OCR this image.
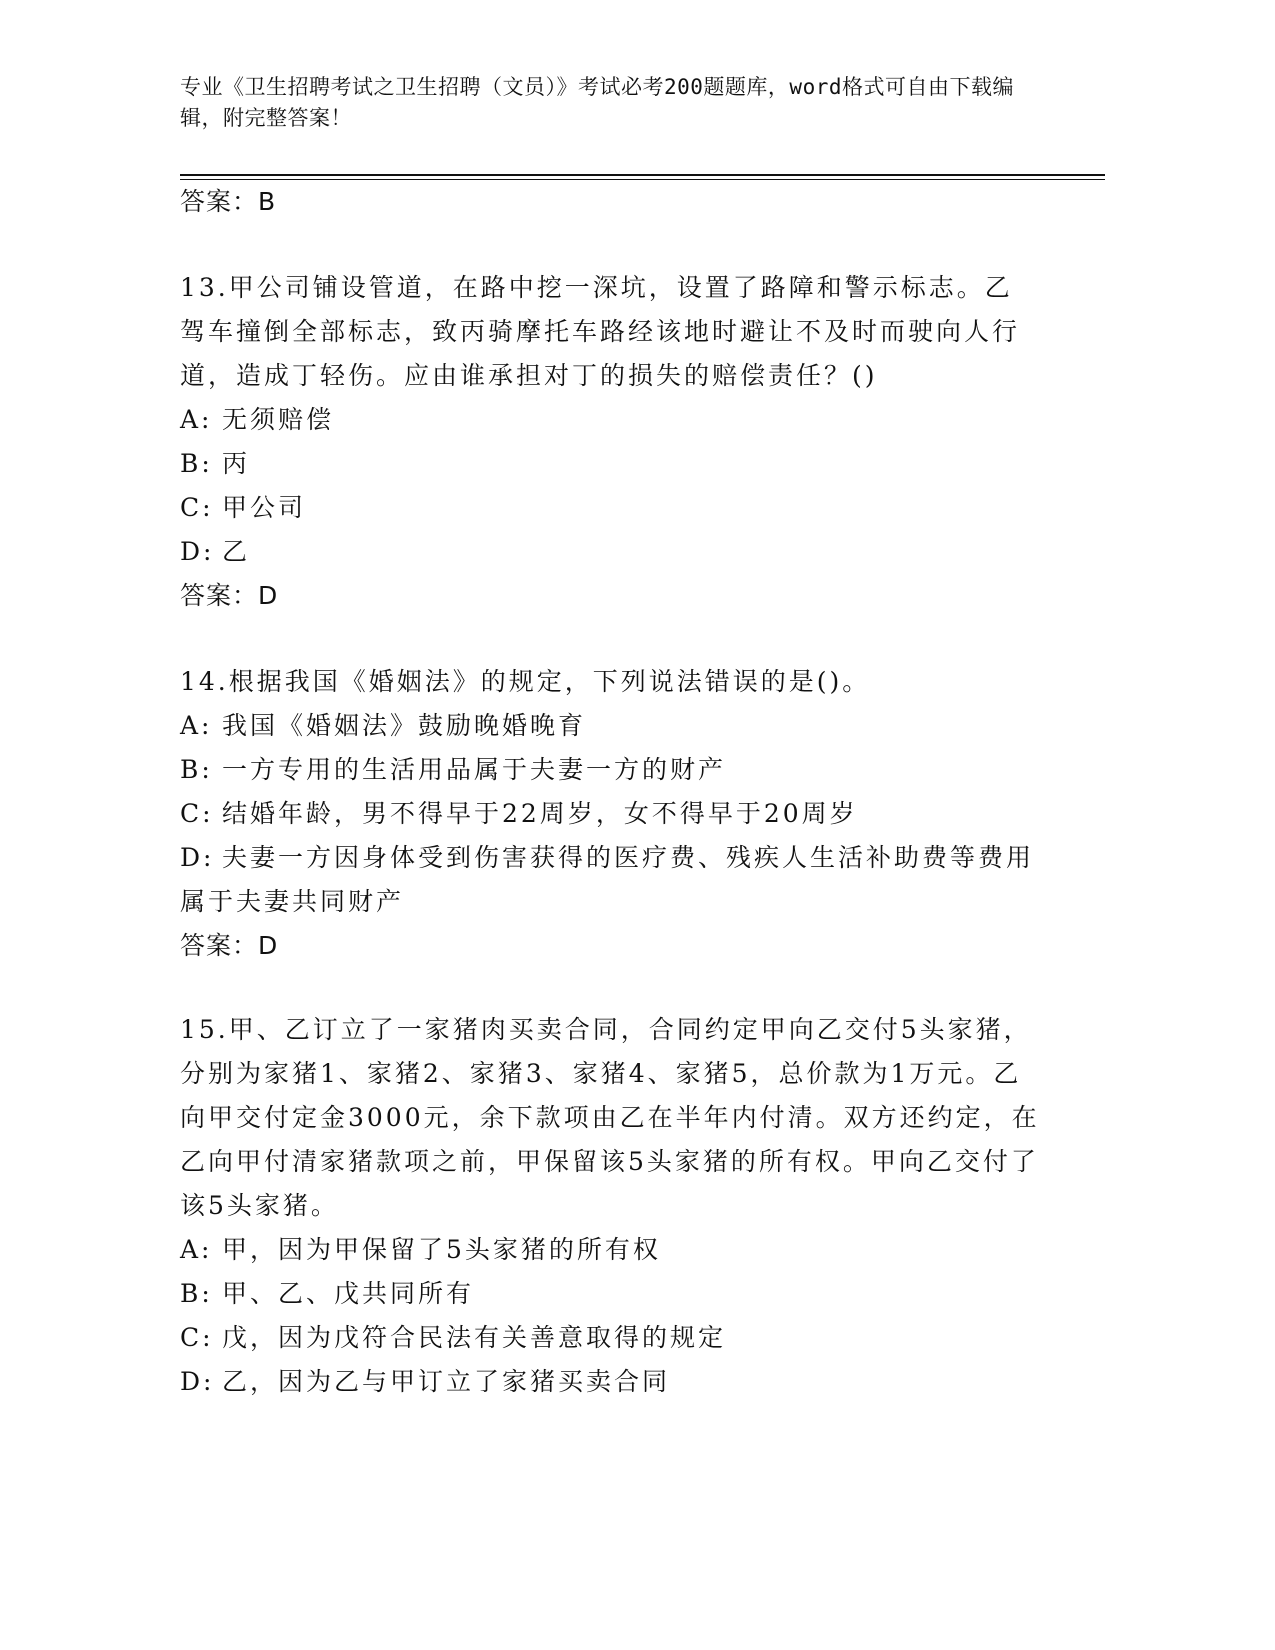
专业《卫生招聘考试之卫生招聘（文员）》考试必考200题题库，word格式可自由下载编辑，附完整答案！
答案：B
13.甲公司铺设管道，在路中挖一深坑，设置了路障和警示标志。乙驾车撞倒全部标志，致丙骑摩托车路经该地时避让不及时而驶向人行道，造成丁轻伤。应由谁承担对丁的损失的赔偿责任？()
A: 无须赔偿
B: 丙
C: 甲公司
D: 乙
答案：D
14.根据我国《婚姻法》的规定，下列说法错误的是()。
A: 我国《婚姻法》鼓励晚婚晚育
B: 一方专用的生活用品属于夫妻一方的财产
C: 结婚年龄，男不得早于22周岁，女不得早于20周岁
D: 夫妻一方因身体受到伤害获得的医疗费、残疾人生活补助费等费用属于夫妻共同财产
答案：D
15.甲、乙订立了一家猪肉买卖合同，合同约定甲向乙交付5头家猪，分别为家猪1、家猪2、家猪3、家猪4、家猪5，总价款为1万元。乙向甲交付定金3000元，余下款项由乙在半年内付清。双方还约定，在乙向甲付清家猪款项之前，甲保留该5头家猪的所有权。甲向乙交付了该5头家猪。
A: 甲，因为甲保留了5头家猪的所有权
B: 甲、乙、戊共同所有
C: 戊，因为戊符合民法有关善意取得的规定
D: 乙，因为乙与甲订立了家猪买卖合同
